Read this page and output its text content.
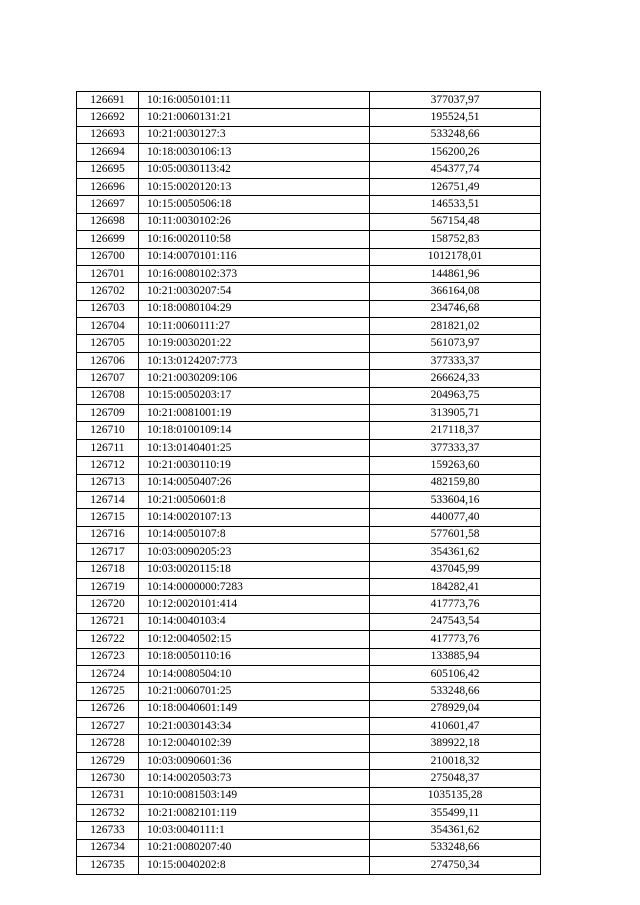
126691	10:16:0050101:11	377037,97
126692	10:21:0060131:21	195524,51
126693	10:21:0030127:3	533248,66
126694	10:18:0030106:13	156200,26
126695	10:05:0030113:42	454377,74
126696	10:15:0020120:13	126751,49
126697	10:15:0050506:18	146533,51
126698	10:11:0030102:26	567154,48
126699	10:16:0020110:58	158752,83
126700	10:14:0070101:116	1012178,01
126701	10:16:0080102:373	144861,96
126702	10:21:0030207:54	366164,08
126703	10:18:0080104:29	234746,68
126704	10:11:0060111:27	281821,02
126705	10:19:0030201:22	561073,97
126706	10:13:0124207:773	377333,37
126707	10:21:0030209:106	266624,33
126708	10:15:0050203:17	204963,75
126709	10:21:0081001:19	313905,71
126710	10:18:0100109:14	217118,37
126711	10:13:0140401:25	377333,37
126712	10:21:0030110:19	159263,60
126713	10:14:0050407:26	482159,80
126714	10:21:0050601:8	533604,16
126715	10:14:0020107:13	440077,40
126716	10:14:0050107:8	577601,58
126717	10:03:0090205:23	354361,62
126718	10:03:0020115:18	437045,99
126719	10:14:0000000:7283	184282,41
126720	10:12:0020101:414	417773,76
126721	10:14:0040103:4	247543,54
126722	10:12:0040502:15	417773,76
126723	10:18:0050110:16	133885,94
126724	10:14:0080504:10	605106,42
126725	10:21:0060701:25	533248,66
126726	10:18:0040601:149	278929,04
126727	10:21:0030143:34	410601,47
126728	10:12:0040102:39	389922,18
126729	10:03:0090601:36	210018,32
126730	10:14:0020503:73	275048,37
126731	10:10:0081503:149	1035135,28
126732	10:21:0082101:119	355499,11
126733	10:03:0040111:1	354361,62
126734	10:21:0080207:40	533248,66
126735	10:15:0040202:8	274750,34
